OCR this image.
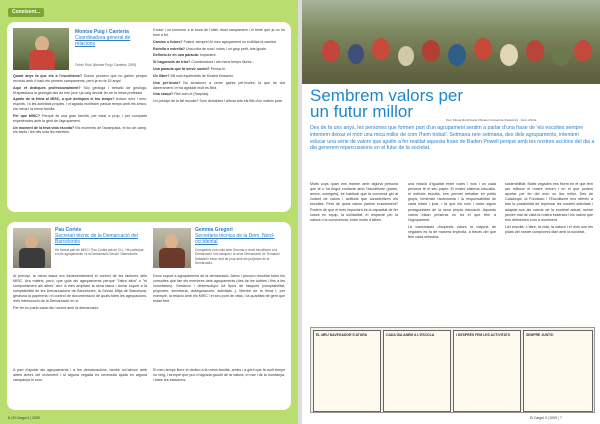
Coneixent...
Montse Puig i Cantería
Coordinadora general de relacions
Celrà i Rubí (Montse Puig i Cantería, 2009)

Quant anys fa que ets a l'escoltisme? Doncs pensem que no gaires perquè recordo amb il·lusió els primers campaments, però ja en fa 15 anys!

Aquí et dediques professionalment? Sóc geòloga i treballo de geòloga. M'apassiona la geologia des de ben jove i ja vaig decidir fer-ne la meva professió.

Aparte de la feina al MISC, a què dediques el teu temps? Aviam: miro i miro, esports, i a les activitats pròpies, i m'agrada moltíssim passar temps amb els amics, els meus i la meva família.

Per què MISC? Perquè és una gran família, per estar a prop, i per compartir experiències amb la gent de l'agrupament.

Un moment de la teva vida escolta? Els moments de l'acampada, el foc de camp, els cants i les nits sota les estrelles.

Il·lusió i un somriure a la boca de l'últim ritual campament i el triste que ja no ho torni a fer.

Camins o futurs? Fulard, sempre! Al meu agrupament no s'utilitza la camisa.

Estrella o estrella? Una colla de nois i noies i un grup petit, tots iguals.

Defineix-te en una paraula: Impacient.

Si haguessis de triar? Coordinadora i als meus temps lliures...

Una paraula que fa servir sovint? Pensa-hi.

Un llibre? Mil sols esplèndids de Khaled Hosseini.

Una pel·lícula? No acostumo a veure gaires pel·lícules, la que he vist darrerament i m'ha agradat molt és Bird.

Una cançó? Res com el (Sarpida).

Un principi de la llei escolta? Som deixables i alhora tots els fills d'un mateix pare.

Pau Cortés
Secretari tècnic de la Demarcació del Barcelonès
He format part de MISC i Pau Cortés ara de CLL. He participat en els agrupaments i a la Demarcació Secció i Barcelonès.
Gemma Gregori
Secretària tècnica de la Dem. Nord-occidental
Comparteix una colla amb Gemma a nivell escoltisme a la Demarcació i les tasques i la seva Demarcació de Terrassa i Sabadell i estar molt de prop amb els projectes de la Demarcació.

Al principi, la meva tasca era fonamentalment el control de les factures dels MISC. Ara mateix, però, que guia als agrupaments perquè "l'altra altra" o "el comportament als altres" així. A més ampliant la seva tasca i donar suport a la comptabilitat de les Demarcacions de Barcelonès, la Secció Mitja de Barcelona, gestiona la papereria i el control de documentació de quals totes les agrupacions, més interlocució de la Demarcació en si.

Per fer-ho parlo cada dia i sovint amb la demarcació.

Dono suport a agrupaments de la demarcació. Atenc i procuro resoldre totes les consultes que fan els membres dels agrupaments (des de les dubtes i fins a les voluntaries). Gestiono i desenvolupo tot tipus de tasques (comptabilitat, projectes, secretaria, assegurances, activitats...). Mentre de la feina i, per exemple, la relació amb els MISC i el seu punt de vista, i la quantitat de gent que estan fent.

A part d'ajudar als agrupaments i a les demarcacions, també col·laboro amb altres àrees del moviment i si alguna vegada es necessita ajuda en alguna campanya hi som.
El meu temps lliure el dedico a la meva família, amics i a gent que fa molt temps no veig, i sempre que puc m'agrada gaudir de la natura, el mar i de la muntanya, i totes les estacions.
6 | El Cargol 4 | 2009
Sembrem valors per
un futur millor	Text: Mireia Ruíz/Xavier Planas (Consell de Redacció) · Foto: ASCE
Des de fa uns anys, les persones que formen part d'un agrupament sentim a parlar d'una frase de 'els escoltes sempre intentem deixar el món una mica millor de com l'hem trobat'. Setmana rere setmana, des dels agrupaments, intentem educar una sèrie de valors que ajudin a fer realitat aquesta frase de Baden Powell perquè amb les nostres accions del dia a dia generem repercussions en el futur de la societat.

Molts cops quan ens trobem amb alguna persona que té o ha tingut contacte amb l'escoltisme (pares, amics, coneguts), és habitual que la conversa giri al voltant de valors i actituds que caracteritzen els escoltes. Però de quins valors parlem exactament? Podem dir que el més important és la capacitat de fer coses en equip, la solidaritat, el respecte per la natura o la convivència, entre molts d'altres.

una relació d'igualtat entre noies i nois i on cada persona té el seu paper. El nostre sistema educatiu, el mètode escolta, ens permet treballar en petits grups, fomentar l'autonomia i la responsabilitat de cada infant i jove, i fa que els nois i noies siguin protagonistes de la seva pròpia educació. Aquests valors estan presents en tot el que fem a l'agrupament.

La transmissió d'aquests valors la majoria de vegades es fa de manera implícita, a través del que fem cada setmana.

sostenibilitat. Molts vegades ens fixem en el que fem per millorar el nostre entorn i en el que podem aportar per fer del món un lloc millor. Des de Catalunya, la Fundació i l'Escoltisme ens ofereix a tots la possibilitat de repensar les nostres activitats i adaptar-nos als canvis de la societat actual, sense perdre mai de vista la nostra essència i els valors que ens defineixen com a moviment.

Llei escolta: L'altre, la vida, la natura i el món són els pilars del nostre compromís diari amb la societat.

EL MEU NAVEGADOR S'ATURA	CADA DIA ANEM A L'ESCOLA	I DESPRÉS FEM LES ACTIVITATS	SEMPRE JUNTS!
El Cargol 4 | 2009 | 7
